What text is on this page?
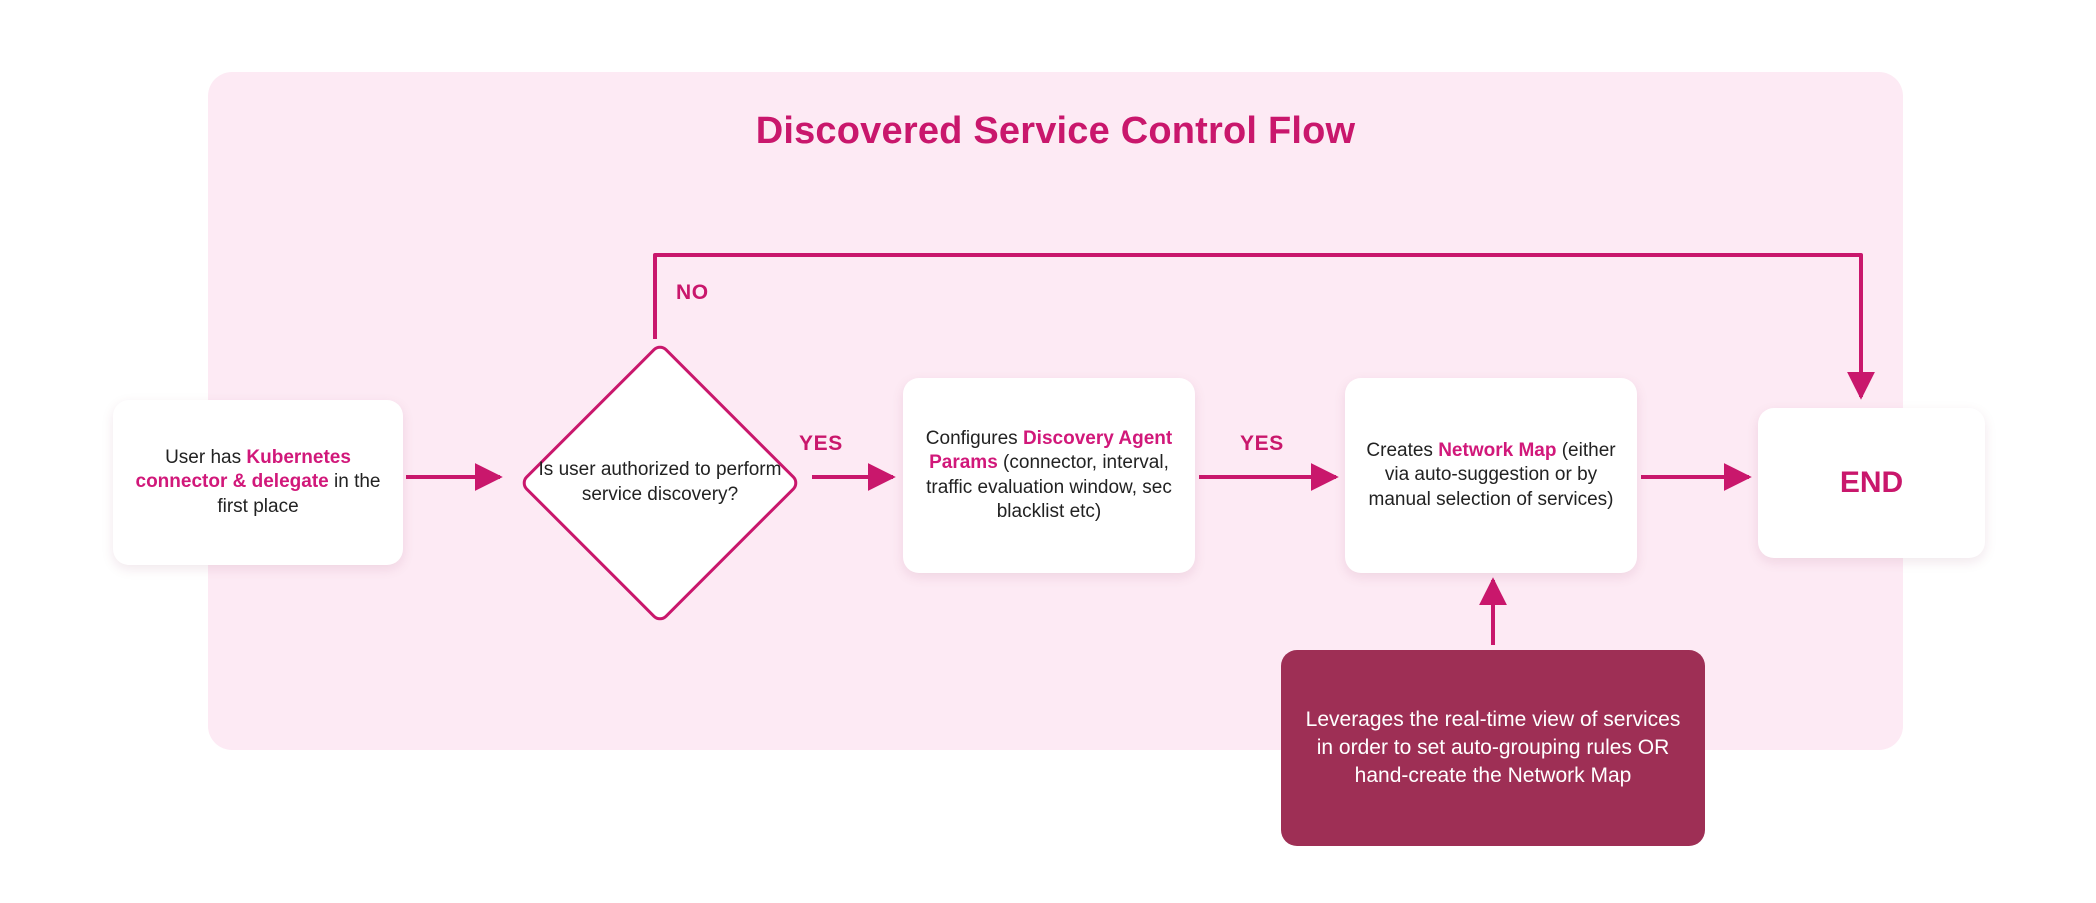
Discovered Service Control Flow
User has Kubernetes connector & delegate in the first place
Is user authorized to perform service discovery?
Configures Discovery Agent Params (connector, interval, traffic evaluation window, sec blacklist etc)
Creates Network Map (either via auto-suggestion or by manual selection of services)
END
Leverages the real-time view of services in order to set auto-grouping rules OR hand-create the Network Map
NO
YES	YES
